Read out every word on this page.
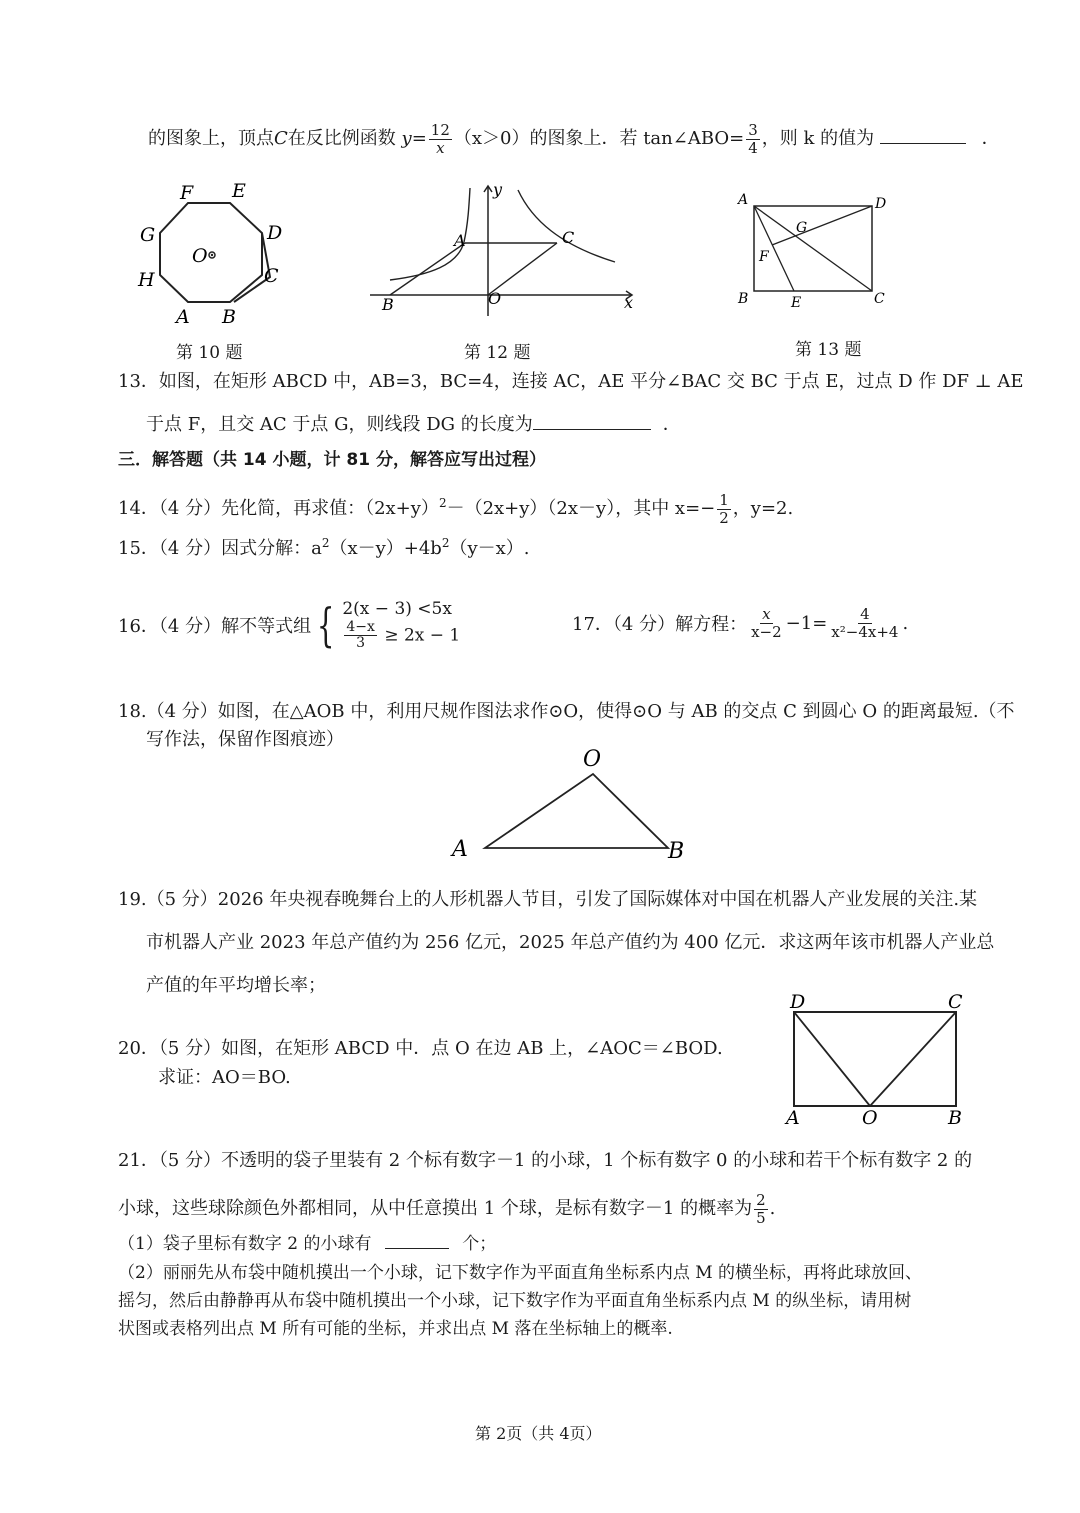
的图象上，顶点C在反比例函数 $y= \frac{12}{x} (x>0)$的图象上．若 tan∠ABO= $\frac{3}{4}$ ，则 k 的值为	．
F E
G	D
O
H	C
A B
第 10 题
y
A	C
B	O	x
第 12 题
A	D
G
F
B	E	C
第 13 题
13．如图，在矩形 ABCD 中，AB=3，BC=4，连接 AC，AE 平分∠BAC 交 BC 于点 E，过点 D 作 DF ⊥ AE
于点 F，且交 AC 于点 G，则线段 DG 的长度为	．
三．解答题（共 14 小题，计 81 分，解答应写出过程）
14．（4 分）先化简，再求值：$(2x+y)^2-(2x+y)(2x-y)$，其中 $x=- \frac{1}{2}$ ，y=2.
15．（4 分）因式分解：$a^2(x-y)+4b^2(y-x)$.
16．（4 分）解不等式组 { 2(x − 3) <5x
$\frac{4-x}{3} \ge 2x - 1$
17．（4 分）解方程： $\frac{x}{x-2} -1= \frac{4}{\text{x²−4x+4}}$ .
18.（4 分）如图，在△AOB 中，利用尺规作图法求作⊙O，使得⊙O 与 AB 的交点 C 到圆心 O 的距离最短.（不
写作法，保留作图痕迹）
O
A	B
19.（5 分）2026 年央视春晚舞台上的人形机器人节目，引发了国际媒体对中国在机器人产业发展的关注.某
市机器人产业 2023 年总产值约为 256 亿元，2025 年总产值约为 400 亿元．求这两年该市机器人产业总
产值的年平均增长率；
20．（5 分）如图，在矩形 ABCD 中．点 O 在边 AB 上，∠AOC＝∠BOD.
求证：AO＝BO.
D	C
A	O	B
21．（5 分）不透明的袋子里装有 2 个标有数字－1 的小球，1 个标有数字 0 的小球和若干个标有数字 2 的
小球，这些球除颜色外都相同，从中任意摸出 1 个球，是标有数字－1 的概率为 $\frac{2}{5}$ .
（1）袋子里标有数字 2 的小球有	个；
（2）丽丽先从布袋中随机摸出一个小球，记下数字作为平面直角坐标系内点 M 的横坐标，再将此球放回、
摇匀，然后由静静再从布袋中随机摸出一个小球，记下数字作为平面直角坐标系内点 M 的纵坐标，请用树
状图或表格列出点 M 所有可能的坐标，并求出点 M 落在坐标轴上的概率.
第 2页（共 4页）
